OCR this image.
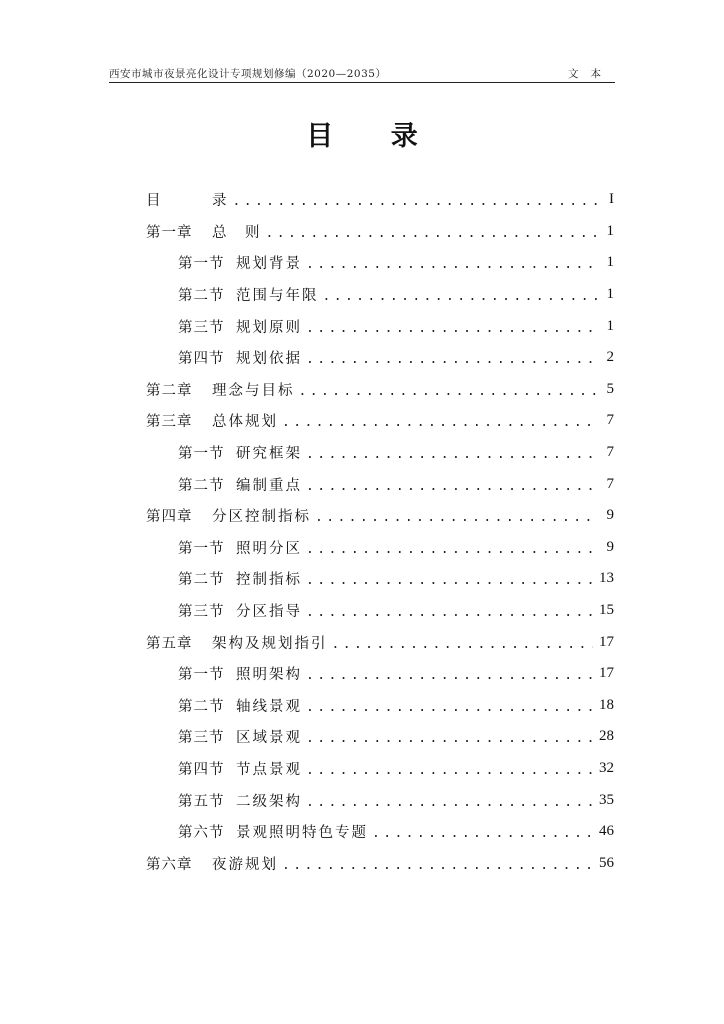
西安市城市夜景亮化设计专项规划修编（2020—2035）	文本
目 录
目	录 .....	I
第一章	总　则 .....	1
第一节 规划背景 .....	1
第二节 范围与年限 .....	1
第三节 规划原则 .....	1
第四节 规划依据 .....	2
第二章	理念与目标 .....	5
第三章	总体规划 .....	7
第一节 研究框架 .....	7
第二节 编制重点 .....	7
第四章	分区控制指标 .....	9
第一节 照明分区 .....	9
第二节 控制指标 .....	13
第三节 分区指导 .....	15
第五章	架构及规划指引 .....	17
第一节 照明架构 .....	17
第二节 轴线景观 .....	18
第三节 区域景观 .....	28
第四节 节点景观 .....	32
第五节 二级架构 .....	35
第六节 景观照明特色专题 .....	46
第六章	夜游规划 .....	56
